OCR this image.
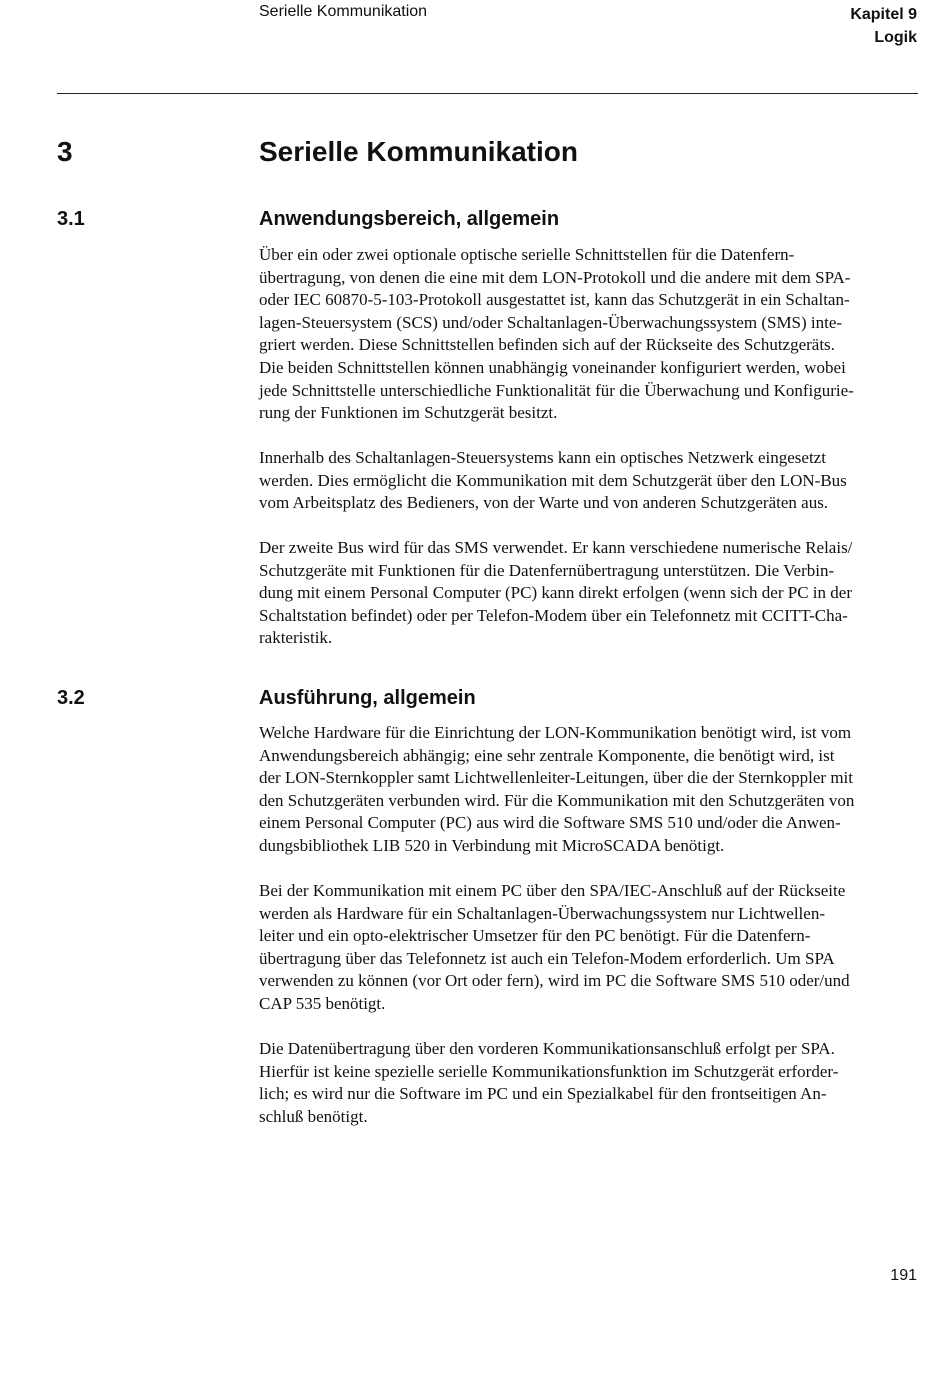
Serielle Kommunikation	Kapitel 9
Logik
3	Serielle Kommunikation
3.1	Anwendungsbereich, allgemein

Über ein oder zwei optionale optische serielle Schnittstellen für die Datenfern-
übertragung, von denen die eine mit dem LON-Protokoll und die andere mit dem SPA-
oder IEC 60870-5-103-Protokoll ausgestattet ist, kann das Schutzgerät in ein Schaltan-
lagen-Steuersystem (SCS) und/oder Schaltanlagen-Überwachungssystem (SMS) inte-
griert werden. Diese Schnittstellen befinden sich auf der Rückseite des Schutzgeräts.
Die beiden Schnittstellen können unabhängig voneinander konfiguriert werden, wobei
jede Schnittstelle unterschiedliche Funktionalität für die Überwachung und Konfigurie-
rung der Funktionen im Schutzgerät besitzt.

Innerhalb des Schaltanlagen-Steuersystems kann ein optisches Netzwerk eingesetzt
werden. Dies ermöglicht die Kommunikation mit dem Schutzgerät über den LON-Bus
vom Arbeitsplatz des Bedieners, von der Warte und von anderen Schutzgeräten aus.

Der zweite Bus wird für das SMS verwendet. Er kann verschiedene numerische Relais/
Schutzgeräte mit Funktionen für die Datenfernübertragung unterstützen. Die Verbin-
dung mit einem Personal Computer (PC) kann direkt erfolgen (wenn sich der PC in der
Schaltstation befindet) oder per Telefon-Modem über ein Telefonnetz mit CCITT-Cha-
rakteristik.

3.2	Ausführung, allgemein

Welche Hardware für die Einrichtung der LON-Kommunikation benötigt wird, ist vom
Anwendungsbereich abhängig; eine sehr zentrale Komponente, die benötigt wird, ist
der LON-Sternkoppler samt Lichtwellenleiter-Leitungen, über die der Sternkoppler mit
den Schutzgeräten verbunden wird. Für die Kommunikation mit den Schutzgeräten von
einem Personal Computer (PC) aus wird die Software SMS 510 und/oder die Anwen-
dungsbibliothek LIB 520 in Verbindung mit MicroSCADA benötigt.

Bei der Kommunikation mit einem PC über den SPA/IEC-Anschluß auf der Rückseite
werden als Hardware für ein Schaltanlagen-Überwachungssystem nur Lichtwellen-
leiter und ein opto-elektrischer Umsetzer für den PC benötigt. Für die Datenfern-
übertragung über das Telefonnetz ist auch ein Telefon-Modem erforderlich. Um SPA
verwenden zu können (vor Ort oder fern), wird im PC die Software SMS 510 oder/und
CAP 535 benötigt.

Die Datenübertragung über den vorderen Kommunikationsanschluß erfolgt per SPA.
Hierfür ist keine spezielle serielle Kommunikationsfunktion im Schutzgerät erforder-
lich; es wird nur die Software im PC und ein Spezialkabel für den frontseitigen An-
schluß benötigt.

191
